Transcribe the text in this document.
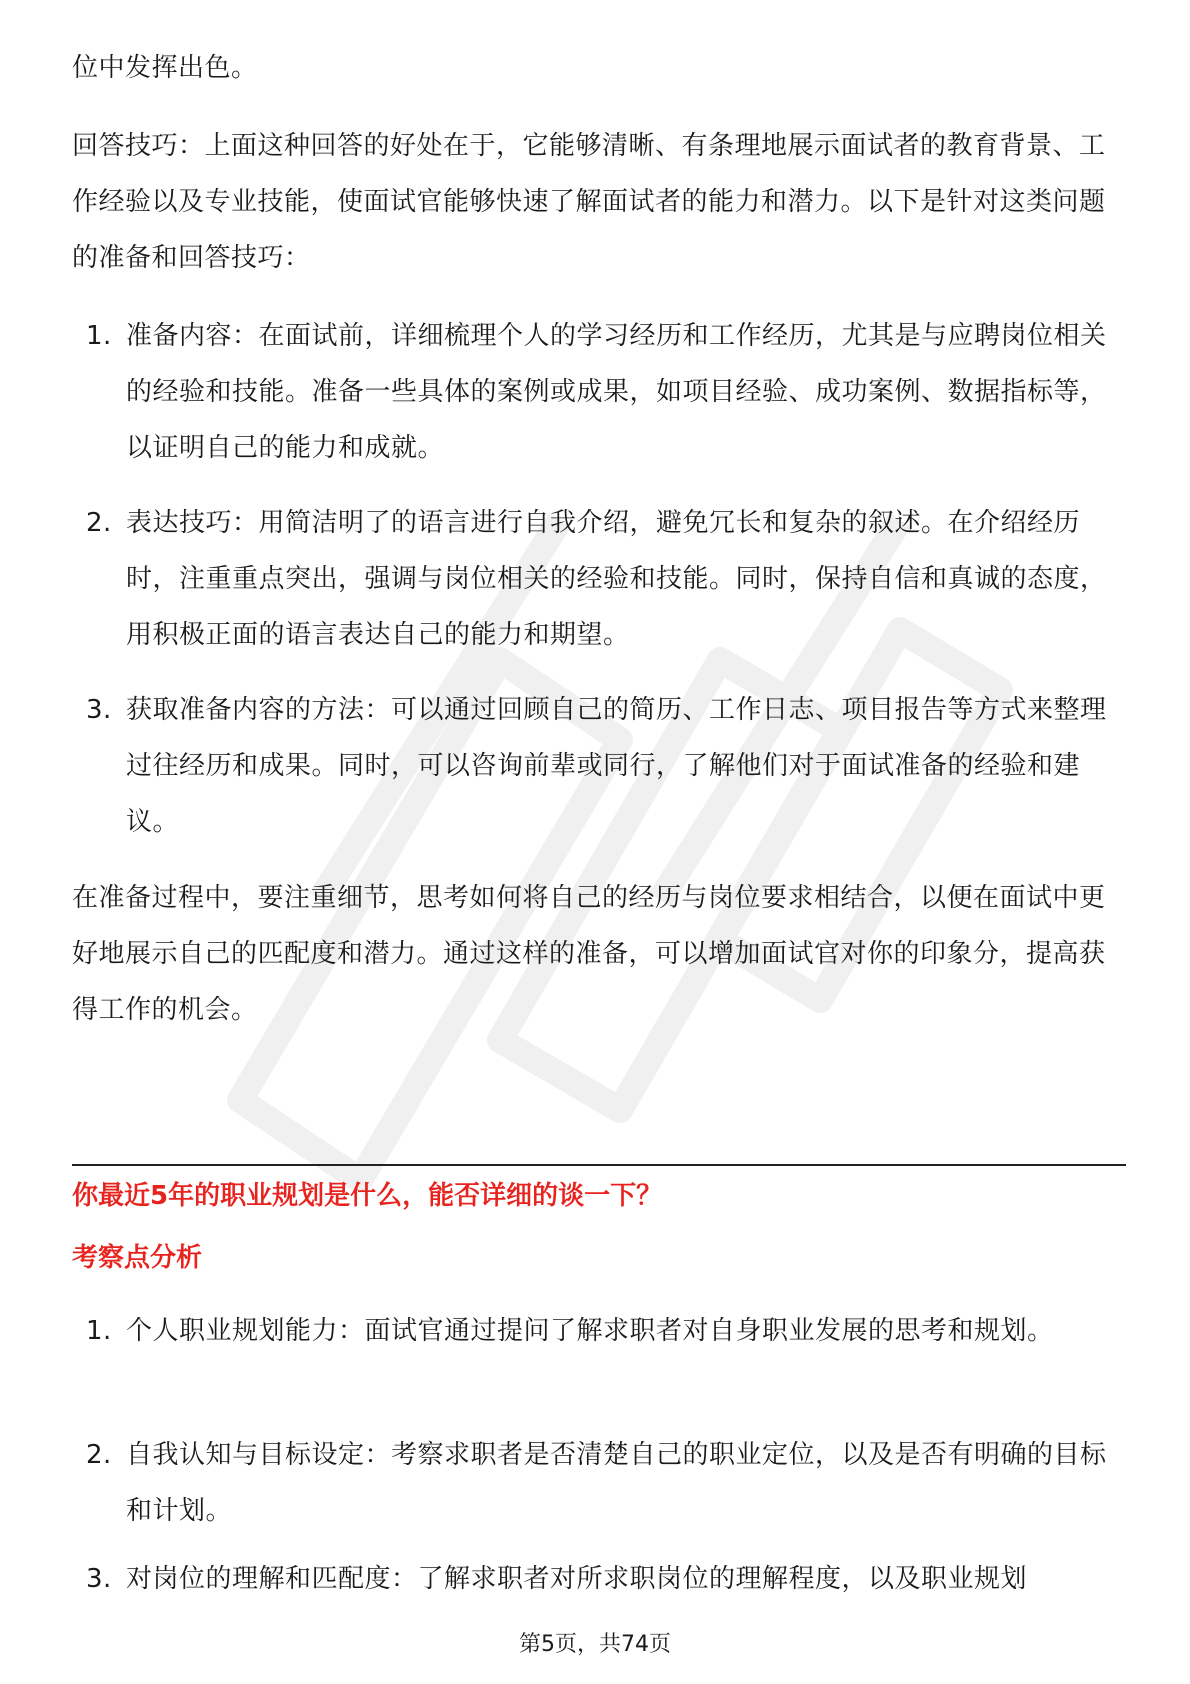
位中发挥出色。

回答技巧：上面这种回答的好处在于，它能够清晰、有条理地展示面试者的教育背景、工作经验以及专业技能，使面试官能够快速了解面试者的能力和潜力。以下是针对这类问题的准备和回答技巧：

1. 准备内容：在面试前，详细梳理个人的学习经历和工作经历，尤其是与应聘岗位相关的经验和技能。准备一些具体的案例或成果，如项目经验、成功案例、数据指标等，以证明自己的能力和成就。
2. 表达技巧：用简洁明了的语言进行自我介绍，避免冗长和复杂的叙述。在介绍经历时，注重重点突出，强调与岗位相关的经验和技能。同时，保持自信和真诚的态度，用积极正面的语言表达自己的能力和期望。
3. 获取准备内容的方法：可以通过回顾自己的简历、工作日志、项目报告等方式来整理过往经历和成果。同时，可以咨询前辈或同行，了解他们对于面试准备的经验和建议。

在准备过程中，要注重细节，思考如何将自己的经历与岗位要求相结合，以便在面试中更好地展示自己的匹配度和潜力。通过这样的准备，可以增加面试官对你的印象分，提高获得工作的机会。

你最近5年的职业规划是什么，能否详细的谈一下？
考察点分析
1. 个人职业规划能力：面试官通过提问了解求职者对自身职业发展的思考和规划。
2. 自我认知与目标设定：考察求职者是否清楚自己的职业定位，以及是否有明确的目标和计划。
3. 对岗位的理解和匹配度：了解求职者对所求职岗位的理解程度，以及职业规划
第5页，共74页
